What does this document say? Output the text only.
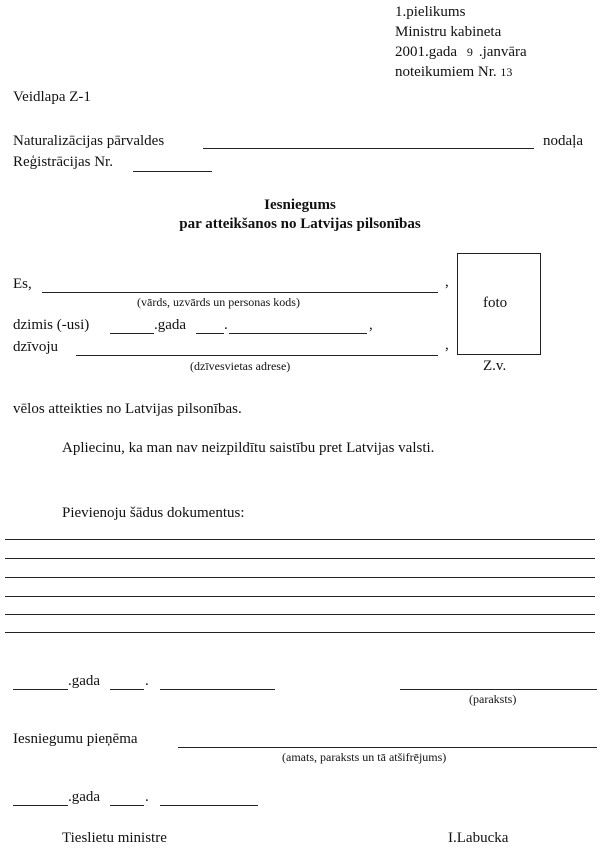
1.pielikums
Ministru kabineta
2001.gada 9 .janvāra
noteikumiem Nr. 13
Veidlapa Z-1
Naturalizācijas pārvaldes	nodaļa
Reģistrācijas Nr.
Iesniegums
par atteikšanos no Latvijas pilsonības
foto
Z.v.
Es,	,
(vārds, uzvārds un personas kods)
dzimis (-usi)	.gada	.	,
dzīvoju	,
(dzīvesvietas adrese)
vēlos atteikties no Latvijas pilsonības.
Apliecinu, ka man nav neizpildītu saistību pret Latvijas valsti.
Pievienoju šādus dokumentus:
.gada	.
(paraksts)
Iesniegumu pieņēma
(amats, paraksts un tā atšifrējums)
.gada	.
Tieslietu ministre	I.Labucka
